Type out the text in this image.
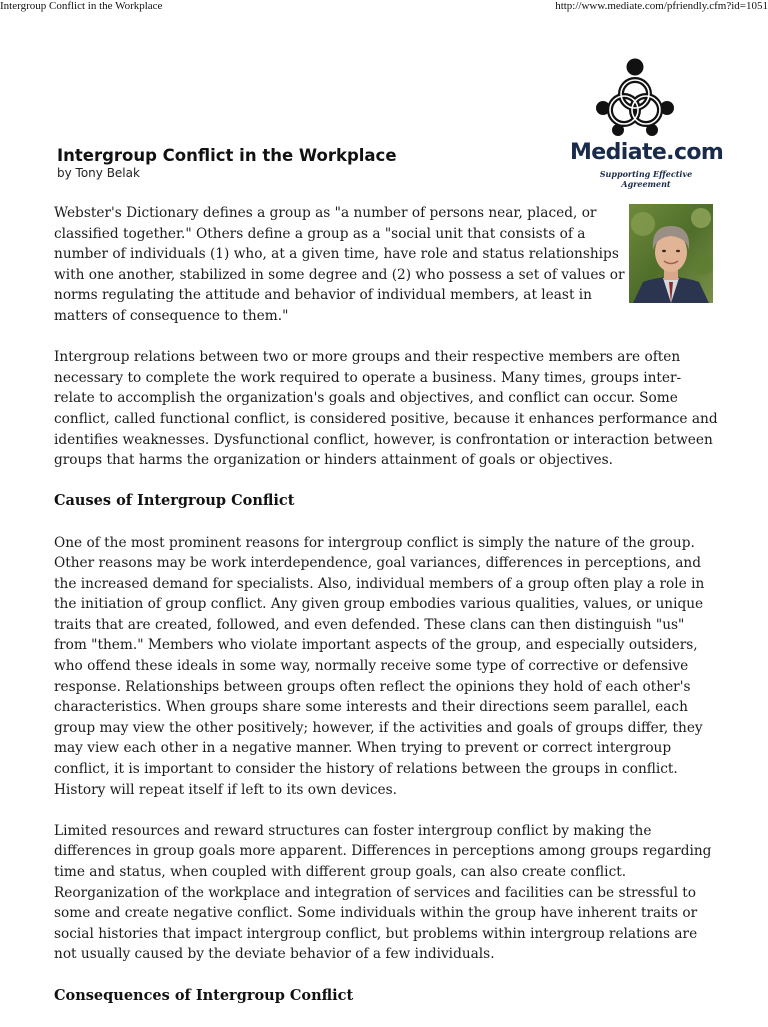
Intergroup Conflict in the Workplace	http://www.mediate.com/pfriendly.cfm?id=1051
Mediate.com
Supporting Effective Agreement
Intergroup Conflict in the Workplace
by Tony Belak

Webster's Dictionary defines a group as "a number of persons near, placed, or classified together." Others define a group as a "social unit that consists of a number of individuals (1) who, at a given time, have role and status relationships with one another, stabilized in some degree and (2) who possess a set of values or norms regulating the attitude and behavior of individual members, at least in matters of consequence to them."

Intergroup relations between two or more groups and their respective members are often necessary to complete the work required to operate a business. Many times, groups inter-relate to accomplish the organization's goals and objectives, and conflict can occur. Some conflict, called functional conflict, is considered positive, because it enhances performance and identifies weaknesses. Dysfunctional conflict, however, is confrontation or interaction between groups that harms the organization or hinders attainment of goals or objectives.

Causes of Intergroup Conflict

One of the most prominent reasons for intergroup conflict is simply the nature of the group. Other reasons may be work interdependence, goal variances, differences in perceptions, and the increased demand for specialists. Also, individual members of a group often play a role in the initiation of group conflict. Any given group embodies various qualities, values, or unique traits that are created, followed, and even defended. These clans can then distinguish "us" from "them." Members who violate important aspects of the group, and especially outsiders, who offend these ideals in some way, normally receive some type of corrective or defensive response. Relationships between groups often reflect the opinions they hold of each other's characteristics. When groups share some interests and their directions seem parallel, each group may view the other positively; however, if the activities and goals of groups differ, they may view each other in a negative manner. When trying to prevent or correct intergroup conflict, it is important to consider the history of relations between the groups in conflict. History will repeat itself if left to its own devices.

Limited resources and reward structures can foster intergroup conflict by making the differences in group goals more apparent. Differences in perceptions among groups regarding time and status, when coupled with different group goals, can also create conflict. Reorganization of the workplace and integration of services and facilities can be stressful to some and create negative conflict. Some individuals within the group have inherent traits or social histories that impact intergroup conflict, but problems within intergroup relations are not usually caused by the deviate behavior of a few individuals.

Consequences of Intergroup Conflict
